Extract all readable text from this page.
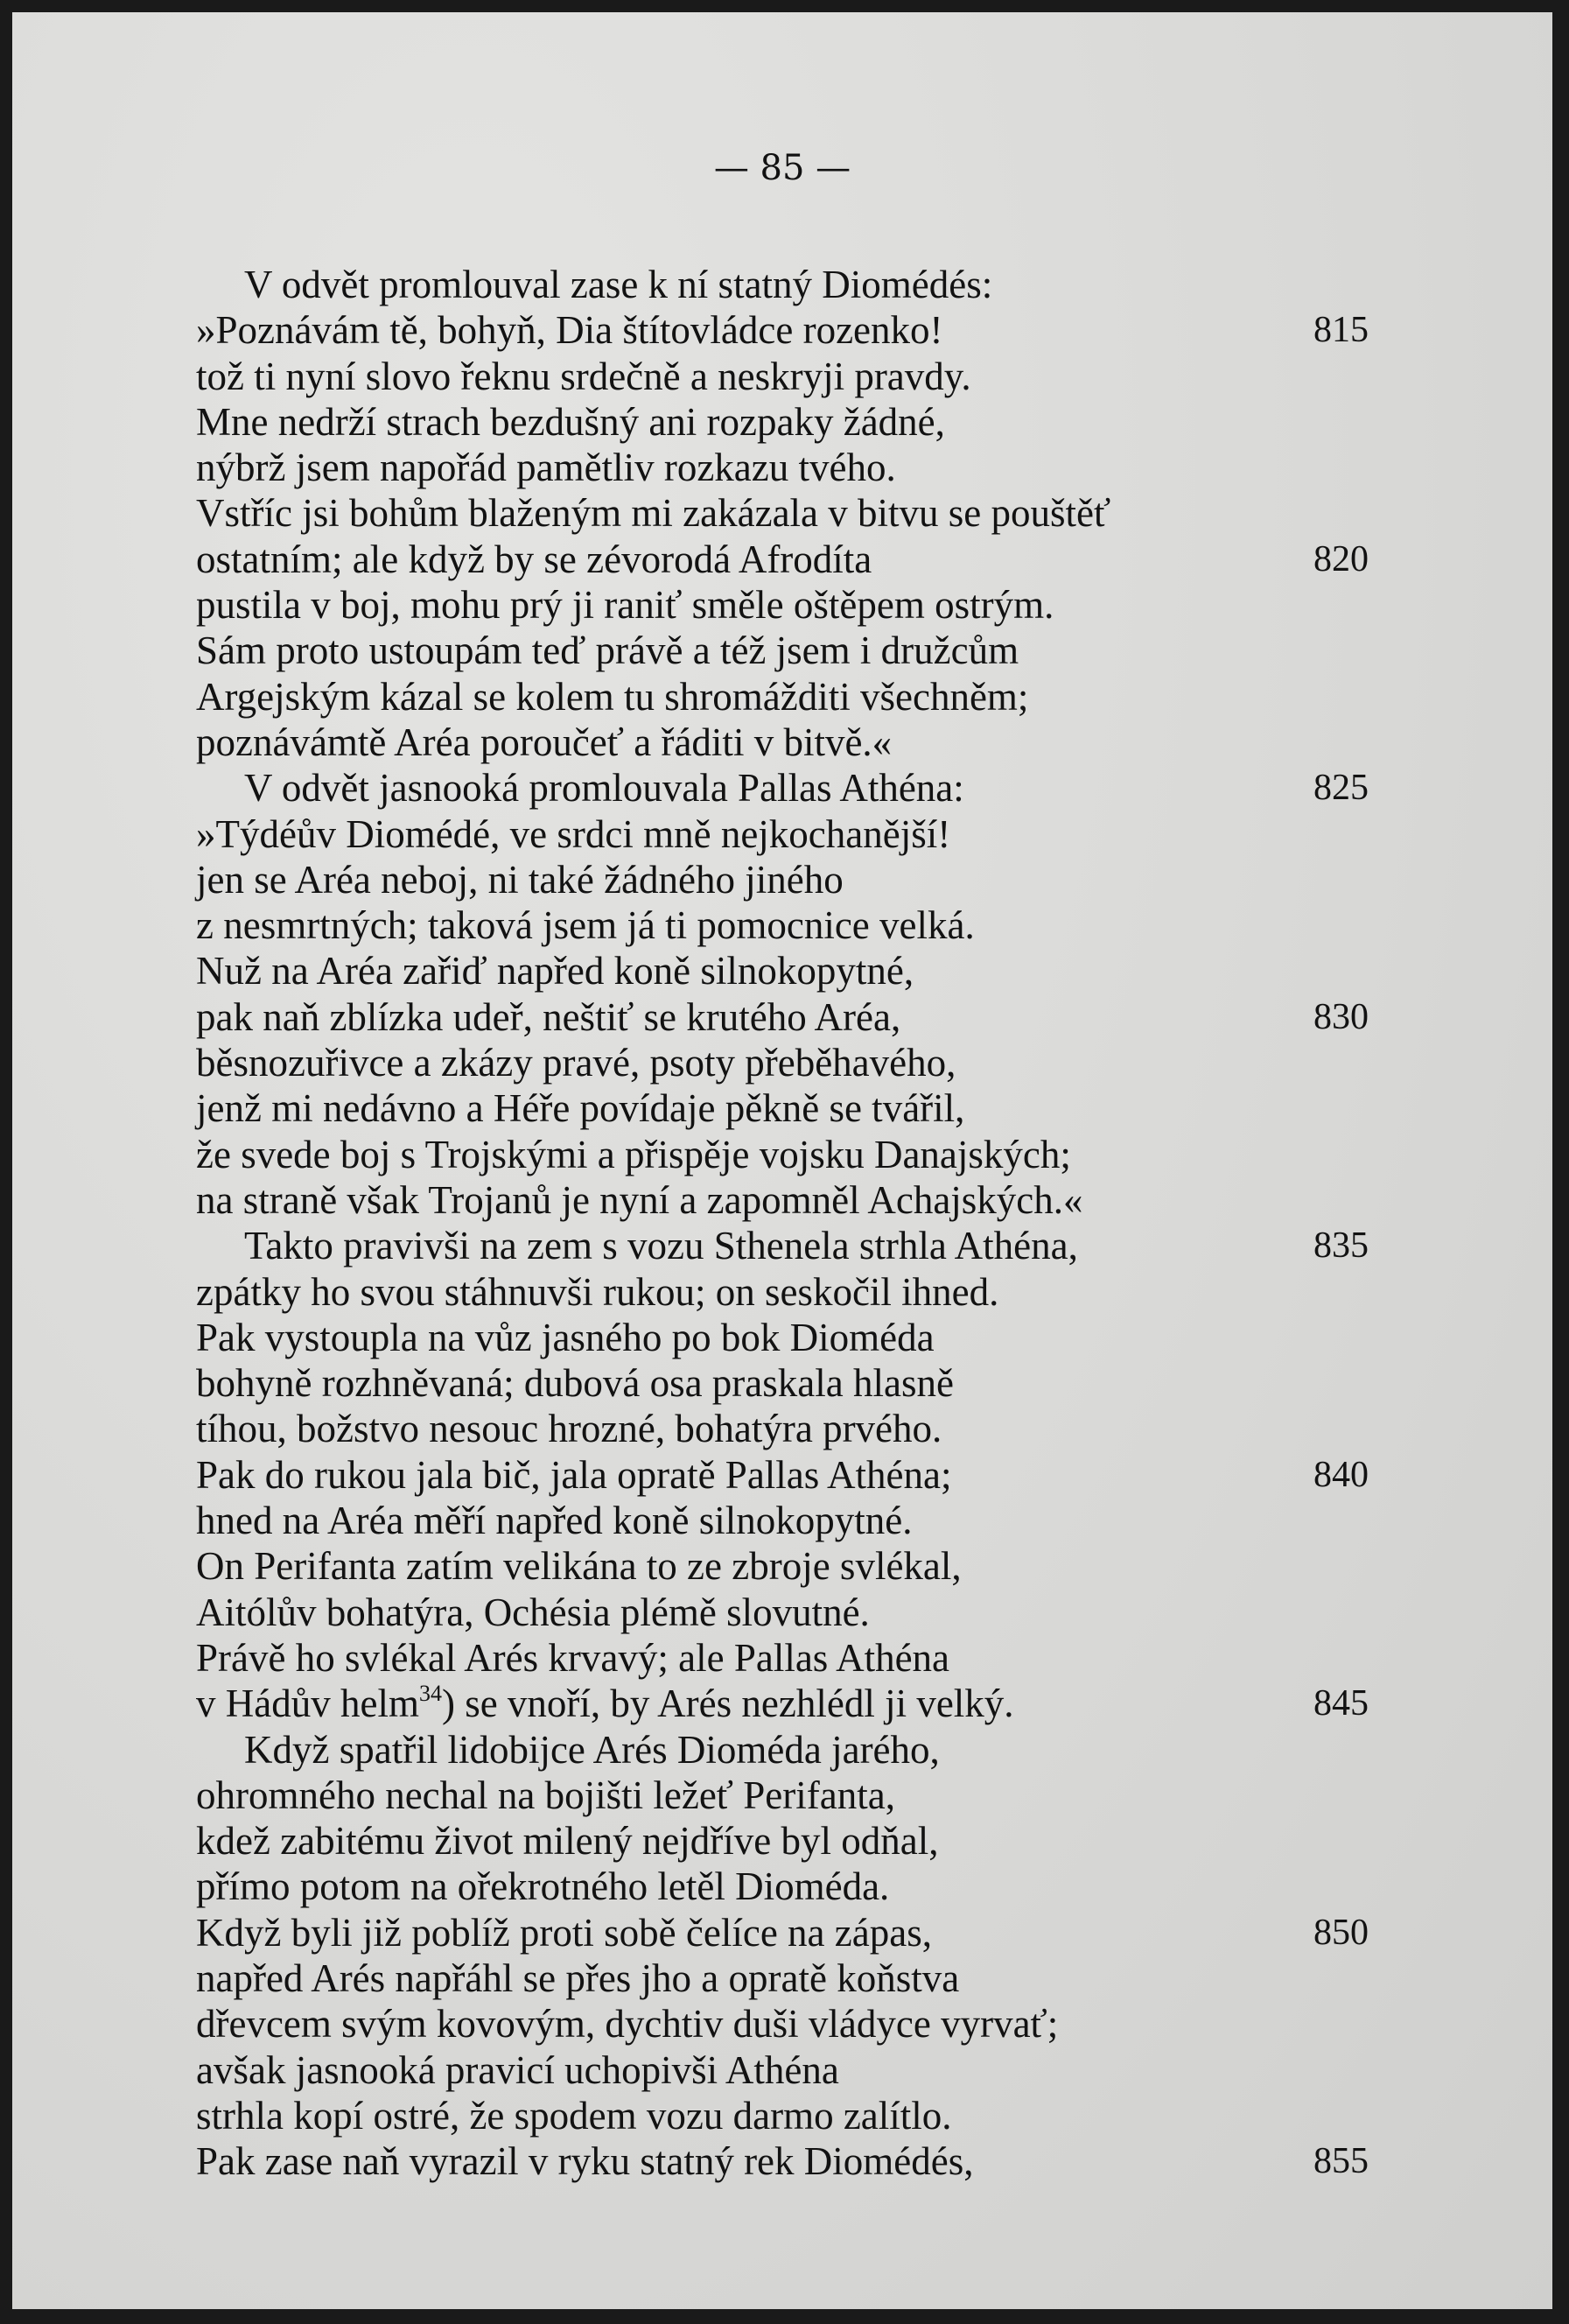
— 85 —

V odvět promlouval zase k ní statný Diomédés:
»Poznávám tě, bohyň, Dia štítovládce rozenko!	815
tož ti nyní slovo řeknu srdečně a neskryji pravdy.
Mne nedrží strach bezdušný ani rozpaky žádné,
nýbrž jsem napořád pamětliv rozkazu tvého.
Vstříc jsi bohům blaženým mi zakázala v bitvu se pouštěť
ostatním; ale když by se zévorodá Afrodíta	820
pustila v boj, mohu prý ji raniť směle oštěpem ostrým.
Sám proto ustoupám teď právě a též jsem i družcům
Argejským kázal se kolem tu shromážditi všechněm;
poznávámtě Aréa poroučeť a řáditi v bitvě.«
V odvět jasnooká promlouvala Pallas Athéna:	825
»Týdéův Diomédé, ve srdci mně nejkochanější!
jen se Aréa neboj, ni také žádného jiného
z nesmrtných; taková jsem já ti pomocnice velká.
Nuž na Aréa zařiď napřed koně silnokopytné,
pak naň zblízka udeř, neštiť se krutého Aréa,	830
běsnozuřivce a zkázy pravé, psoty přeběhavého,
jenž mi nedávno a Héře povídaje pěkně se tvářil,
že svede boj s Trojskými a přispěje vojsku Danajských;
na straně však Trojanů je nyní a zapomněl Achajských.«
Takto pravivši na zem s vozu Sthenela strhla Athéna,	835
zpátky ho svou stáhnuvši rukou; on seskočil ihned.
Pak vystoupla na vůz jasného po bok Dioméda
bohyně rozhněvaná; dubová osa praskala hlasně
tíhou, božstvo nesouc hrozné, bohatýra prvého.
Pak do rukou jala bič, jala opratě Pallas Athéna;	840
hned na Aréa měří napřed koně silnokopytné.
On Perifanta zatím velikána to ze zbroje svlékal,
Aitólův bohatýra, Ochésia plémě slovutné.
Právě ho svlékal Arés krvavý; ale Pallas Athéna
v Hádův helm$^{34}$) se vnoří, by Arés nezhlédl ji velký.	845
Když spatřil lidobijce Arés Dioméda jarého,
ohromného nechal na bojišti ležeť Perifanta,
kdež zabitému život milený nejdříve byl odňal,
přímo potom na ořekrotného letěl Dioméda.
Když byli již poblíž proti sobě čelíce na zápas,	850
napřed Arés napřáhl se přes jho a opratě koňstva
dřevcem svým kovovým, dychtiv duši vládyce vyrvať;
avšak jasnooká pravicí uchopivši Athéna
strhla kopí ostré, že spodem vozu darmo zalítlo.
Pak zase naň vyrazil v ryku statný rek Diomédés,	855
